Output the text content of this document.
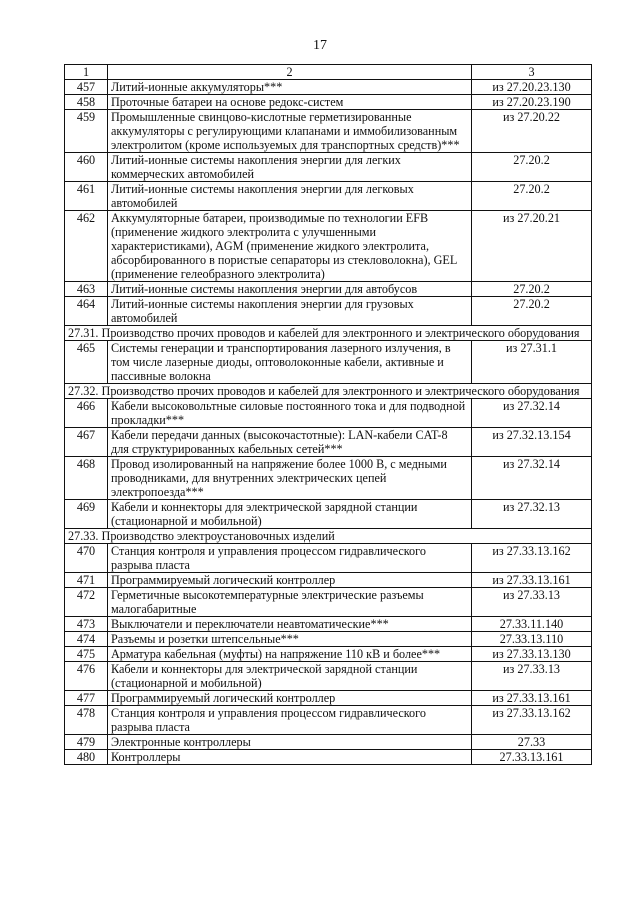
17
1	2	3
457	Литий-ионные аккумуляторы***	из 27.20.23.130
458	Проточные батареи на основе редокс-систем	из 27.20.23.190
459	Промышленные свинцово-кислотные герметизированные аккумуляторы с регулирующими клапанами и иммобилизованным электролитом (кроме используемых для транспортных средств)***	из 27.20.22
460	Литий-ионные системы накопления энергии для легких коммерческих автомобилей	27.20.2
461	Литий-ионные системы накопления энергии для легковых автомобилей	27.20.2
462	Аккумуляторные батареи, производимые по технологии EFB (применение жидкого электролита с улучшенными характеристиками), AGM (применение жидкого электролита, абсорбированного в пористые сепараторы из стекловолокна), GEL (применение гелеобразного электролита)	из 27.20.21
463	Литий-ионные системы накопления энергии для автобусов	27.20.2
464	Литий-ионные системы накопления энергии для грузовых автомобилей	27.20.2
27.31. Производство прочих проводов и кабелей для электронного и электрического оборудования		
465	Системы генерации и транспортирования лазерного излучения, в том числе лазерные диоды, оптоволоконные кабели, активные и пассивные волокна	из 27.31.1
27.32. Производство прочих проводов и кабелей для электронного и электрического оборудования		
466	Кабели высоковольтные силовые постоянного тока и для подводной прокладки***	из 27.32.14
467	Кабели передачи данных (высокочастотные): LAN-кабели CAT-8 для структурированных кабельных сетей***	из 27.32.13.154
468	Провод изолированный на напряжение более 1000 В, с медными проводниками, для внутренних электрических цепей электропоезда***	из 27.32.14
469	Кабели и коннекторы для электрической зарядной станции (стационарной и мобильной)	из 27.32.13
27.33. Производство электроустановочных изделий		
470	Станция контроля и управления процессом гидравлического разрыва пласта	из 27.33.13.162
471	Программируемый логический контроллер	из 27.33.13.161
472	Герметичные высокотемпературные электрические разъемы малогабаритные	из 27.33.13
473	Выключатели и переключатели неавтоматические***	27.33.11.140
474	Разъемы и розетки штепсельные***	27.33.13.110
475	Арматура кабельная (муфты) на напряжение 110 кВ и более***	из 27.33.13.130
476	Кабели и коннекторы для электрической зарядной станции (стационарной и мобильной)	из 27.33.13
477	Программируемый логический контроллер	из 27.33.13.161
478	Станция контроля и управления процессом гидравлического разрыва пласта	из 27.33.13.162
479	Электронные контроллеры	27.33
480	Контроллеры	27.33.13.161
